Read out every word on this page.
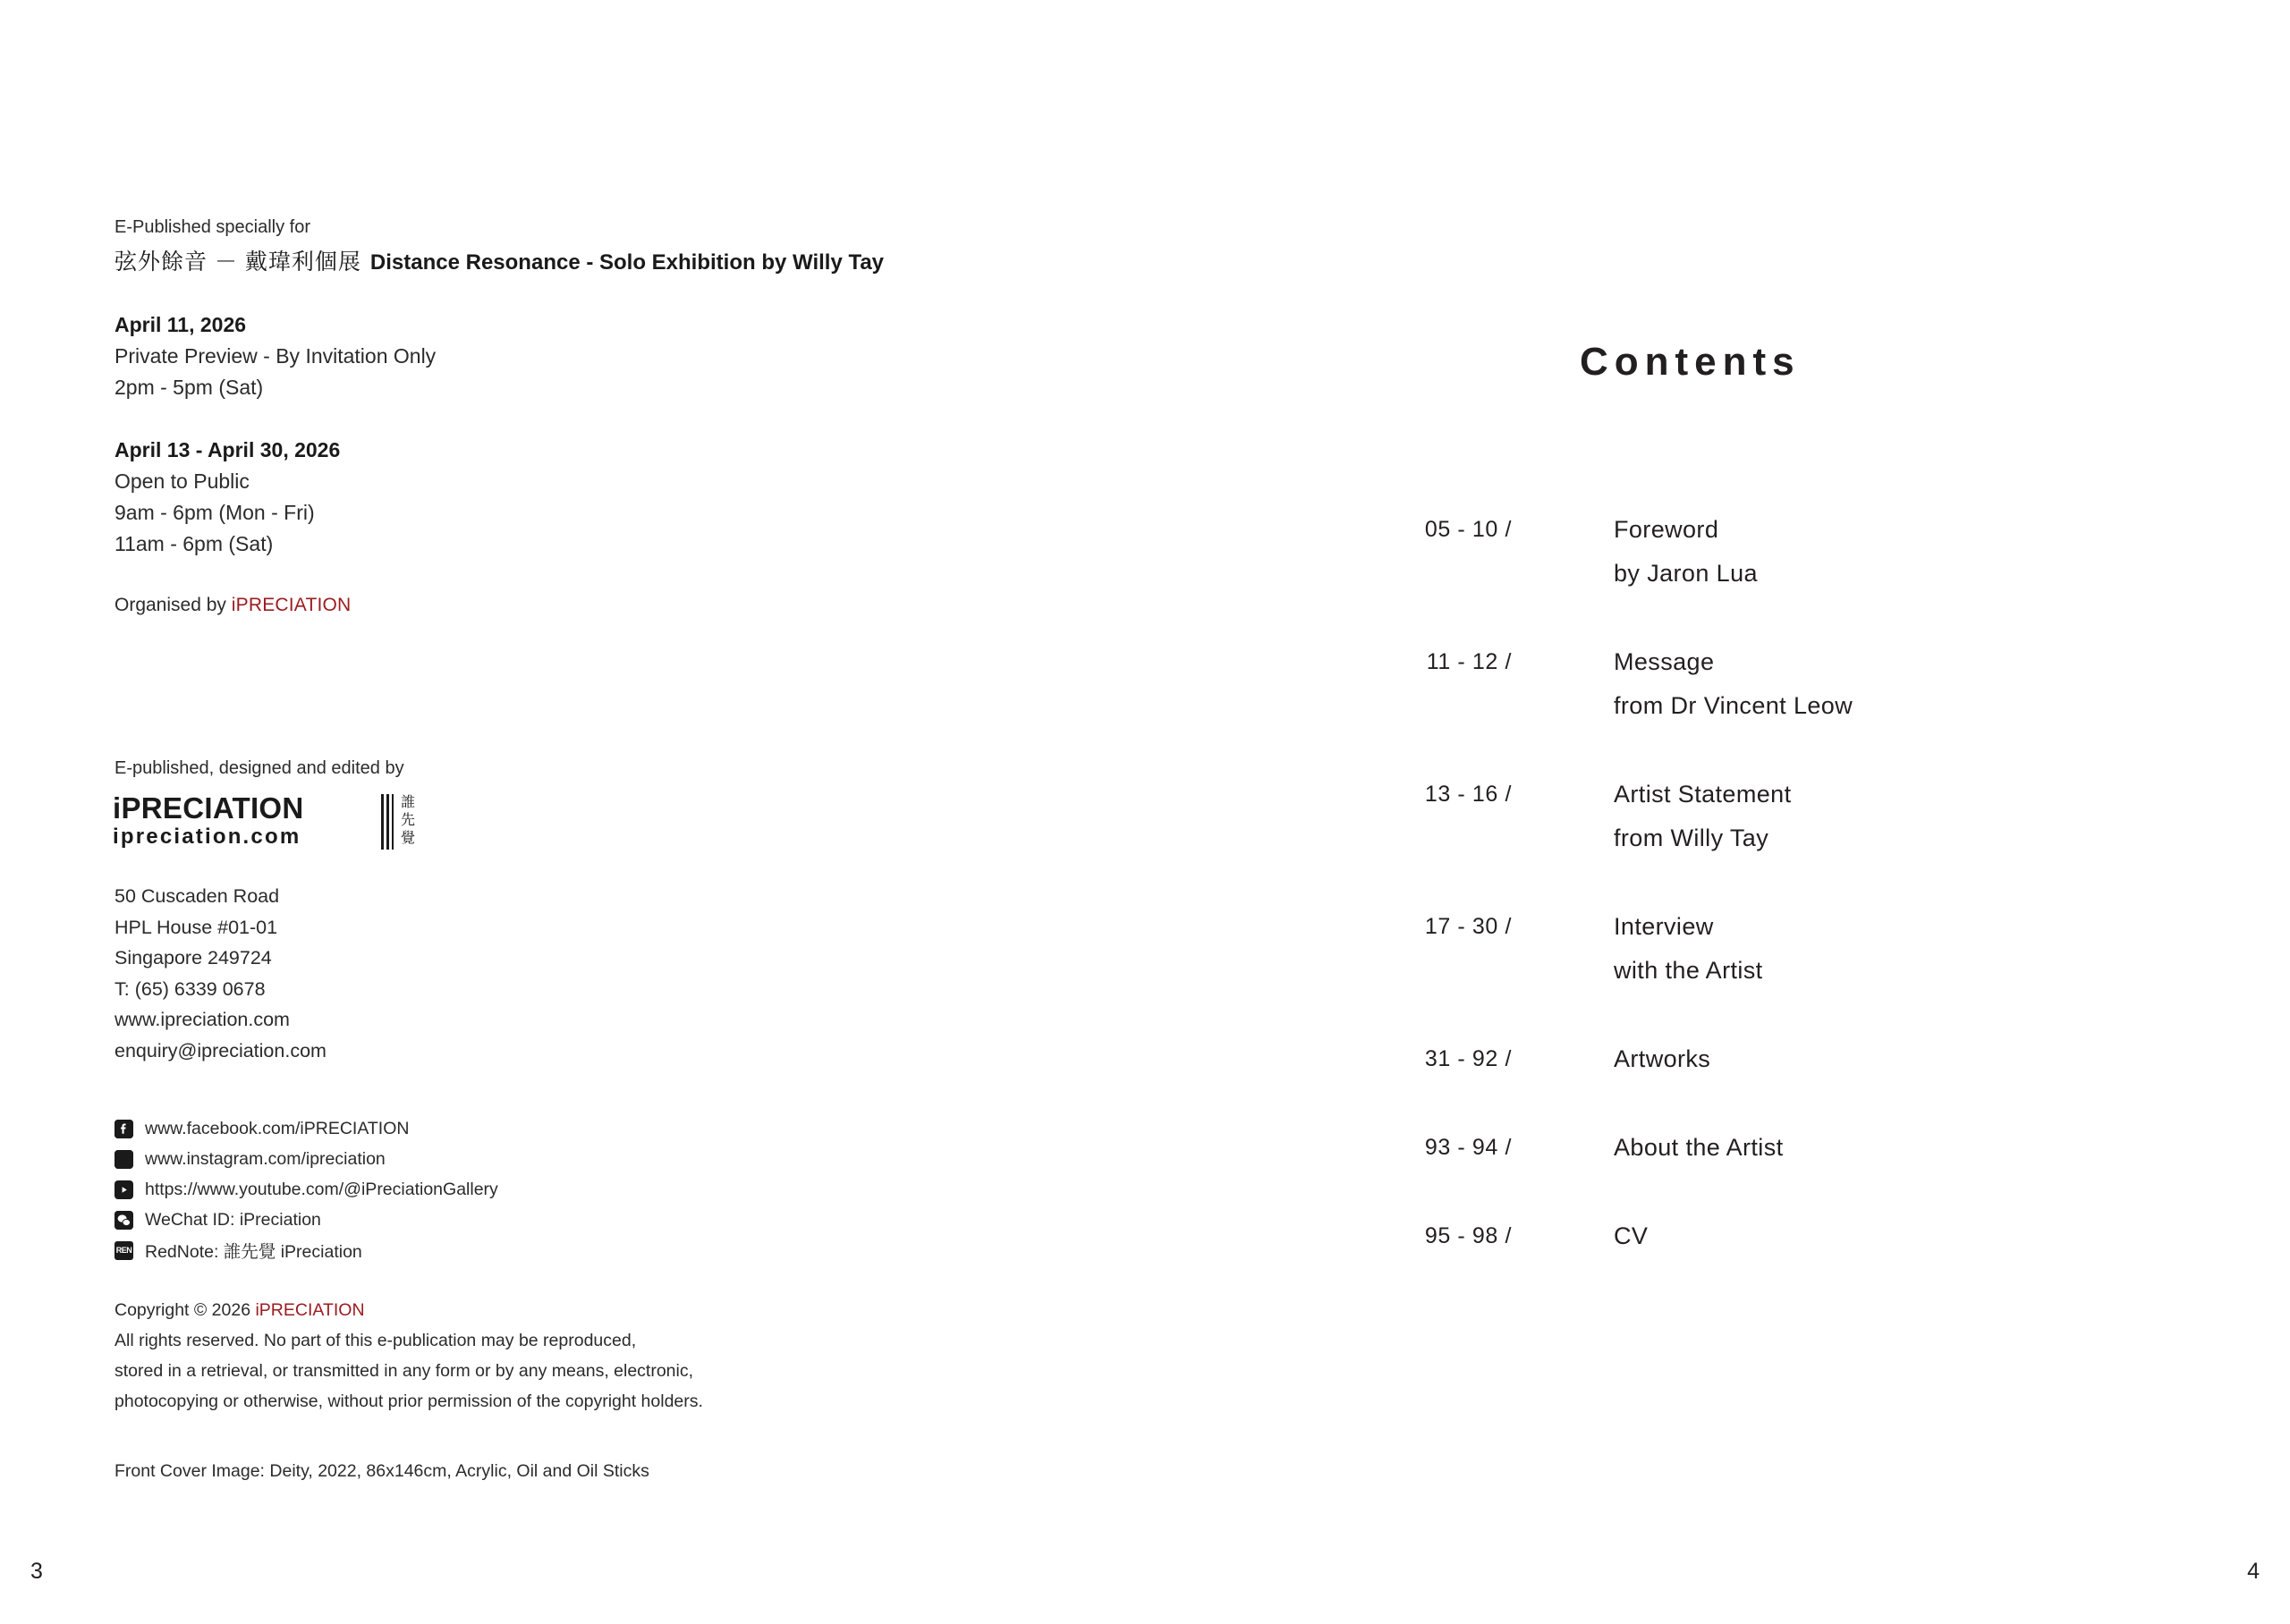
E-Published specially for
弦外餘音 － 戴瑋利個展 Distance Resonance - Solo Exhibition by Willy Tay
April 11, 2026
Private Preview - By Invitation Only
2pm - 5pm (Sat)
April 13 - April 30, 2026
Open to Public
9am - 6pm (Mon - Fri)
11am - 6pm (Sat)
Organised by iPRECIATION
E-published, designed and edited by
iPRECIATION
ipreciation.com
誰
先
覺
50 Cuscaden Road
HPL House #01-01
Singapore 249724
T: (65) 6339 0678
www.ipreciation.com
enquiry@ipreciation.com
www.facebook.com/iPRECIATION
www.instagram.com/ipreciation
https://www.youtube.com/@iPreciationGallery
WeChat ID: iPreciation
REN RedNote: 誰先覺 iPreciation
Copyright © 2026 iPRECIATION
All rights reserved. No part of this e-publication may be reproduced,
stored in a retrieval, or transmitted in any form or by any means, electronic,
photocopying or otherwise, without prior permission of the copyright holders.
Front Cover Image: Deity, 2022, 86x146cm, Acrylic, Oil and Oil Sticks
3
Contents
05 - 10 /	Foreword
by Jaron Lua
11 - 12 /	Message
from Dr Vincent Leow
13 - 16 /	Artist Statement
from Willy Tay
17 - 30 /	Interview
with the Artist
31 - 92 /	Artworks
93 - 94 /	About the Artist
95 - 98 /	CV
4
